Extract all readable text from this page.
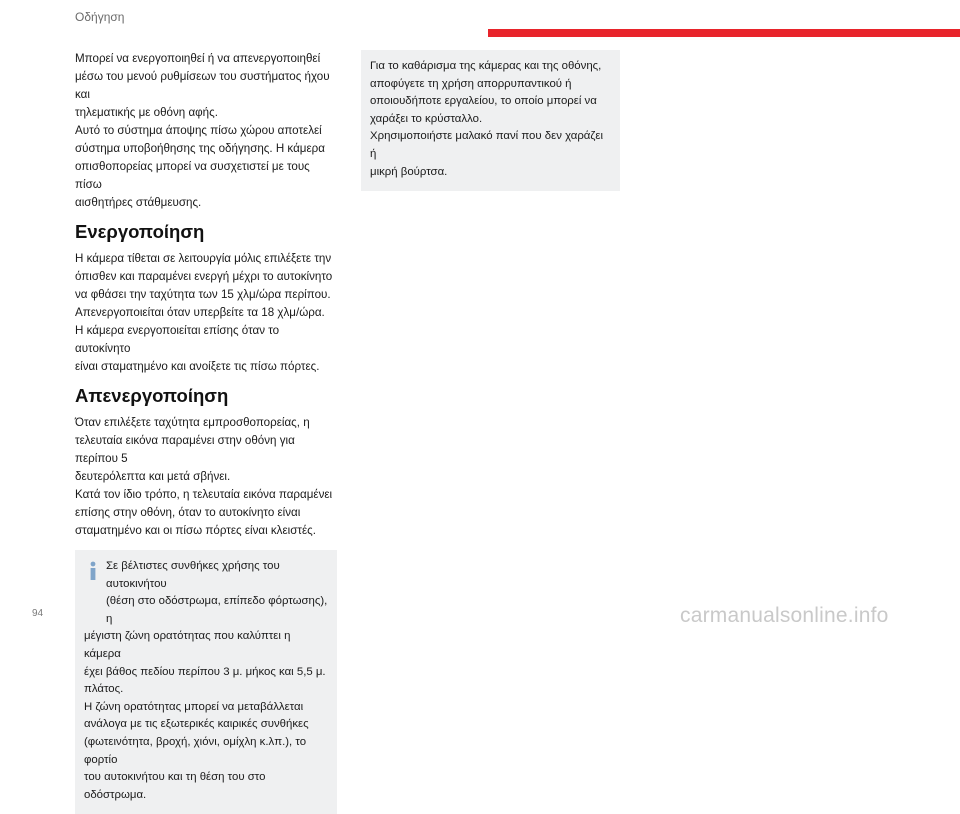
Οδήγηση

Μπορεί να ενεργοποιηθεί ή να απενεργοποιηθεί

μέσω του μενού ρυθμίσεων του συστήματος ήχου και

τηλεματικής με οθόνη αφής.

Αυτό το σύστημα άποψης πίσω χώρου αποτελεί

σύστημα υποβοήθησης της οδήγησης. Η κάμερα

οπισθοπορείας μπορεί να συσχετιστεί με τους πίσω

αισθητήρες στάθμευσης.

Ενεργοποίηση

Η κάμερα τίθεται σε λειτουργία μόλις επιλέξετε την

όπισθεν και παραμένει ενεργή μέχρι το αυτοκίνητο

να φθάσει την ταχύτητα των 15 χλμ/ώρα περίπου.

Απενεργοποιείται όταν υπερβείτε τα 18 χλμ/ώρα.

Η κάμερα ενεργοποιείται επίσης όταν το αυτοκίνητο

είναι σταματημένο και ανοίξετε τις πίσω πόρτες.

Απενεργοποίηση

Όταν επιλέξετε ταχύτητα εμπροσθοπορείας, η

τελευταία εικόνα παραμένει στην οθόνη για περίπου 5

δευτερόλεπτα και μετά σβήνει.

Κατά τον ίδιο τρόπο, η τελευταία εικόνα παραμένει

επίσης στην οθόνη, όταν το αυτοκίνητο είναι

σταματημένο και οι πίσω πόρτες είναι κλειστές.

Σε βέλτιστες συνθήκες χρήσης του αυτοκινήτου

(θέση στο οδόστρωμα, επίπεδο φόρτωσης), η

μέγιστη ζώνη ορατότητας που καλύπτει η κάμερα

έχει βάθος πεδίου περίπου 3 μ. μήκος και 5,5 μ.

πλάτος.

Η ζώνη ορατότητας μπορεί να μεταβάλλεται

ανάλογα με τις εξωτερικές καιρικές συνθήκες

(φωτεινότητα, βροχή, χιόνι, ομίχλη κ.λπ.), το φορτίο

του αυτοκινήτου και τη θέση του στο οδόστρωμα.

Για το καθάρισμα της κάμερας και της οθόνης,

αποφύγετε τη χρήση απορρυπαντικού ή

οποιουδήποτε εργαλείου, το οποίο μπορεί να

χαράξει το κρύσταλλο.

Χρησιμοποιήστε μαλακό πανί που δεν χαράζει ή

μικρή βούρτσα.

94	carmanualsonline.info
